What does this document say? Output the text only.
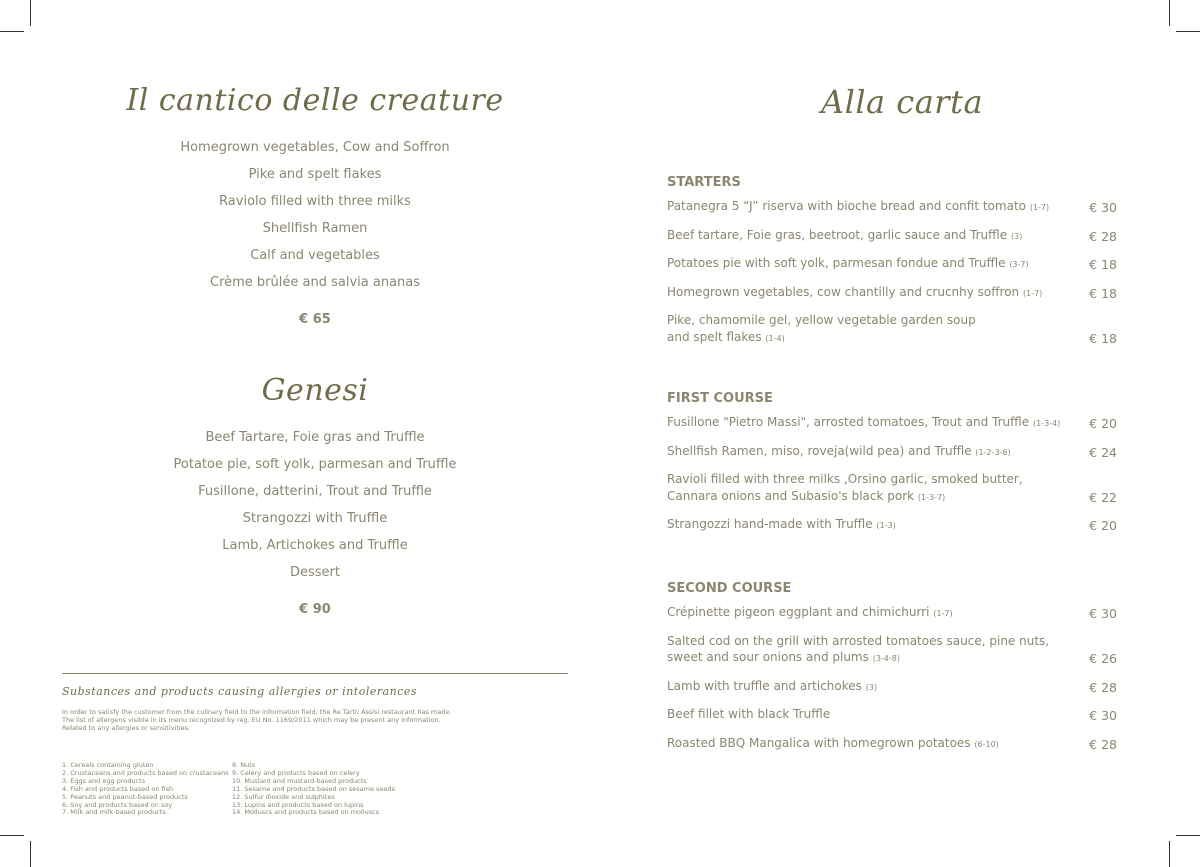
Il cantico delle creature
Homegrown vegetables, Cow and Soffron
Pike and spelt flakes
Raviolo filled with three milks
Shellfish Ramen
Calf and vegetables
Crème brûlée and salvia ananas
€ 65
Genesi
Beef Tartare, Foie gras and Truffle
Potatoe pie, soft yolk, parmesan and Truffle
Fusillone, datterini, Trout and Truffle
Strangozzi with Truffle
Lamb, Artichokes and Truffle
Dessert
€ 90
Substances and products causing allergies or intolerances
In order to satisfy the customer from the culinary field to the information field, the Re Tartù Assisi restaurant has made.
The list of allergens visible in its menu recognized by reg. EU No. 1169/2011 which may be present any information.
Related to any allergies or sensitivities.
1. Cereals containing gluten
2. Crustaceans and products based on crustaceans
3. Eggs and egg products
4. Fish and products based on fish
5. Peanuts and peanut-based products
6. Soy and products based on soy
7. Milk and milk-based products
8. Nuts
9. Celery and products based on celery
10. Mustard and mustard-based products
11. Sesame and products based on sesame seeds
12. Sulfur dioxide and sulphites
13. Lupins and products based on lupins
14. Molluscs and products based on molluscs
Alla carta
STARTERS
Patanegra 5 “J” riserva with bioche bread and confit tomato (1-7)	€ 30
Beef tartare, Foie gras, beetroot, garlic sauce and Truffle (3)	€ 28
Potatoes pie with soft yolk, parmesan fondue and Truffle (3-7)	€ 18
Homegrown vegetables, cow chantilly and crucnhy soffron (1-7)	€ 18
Pike, chamomile gel, yellow vegetable garden soup
and spelt flakes (1-4)	€ 18
FIRST COURSE
Fusillone "Pietro Massi", arrosted tomatoes, Trout and Truffle (1-3-4)	€ 20
Shellfish Ramen, miso, roveja(wild pea) and Truffle (1-2-3-6)	€ 24
Ravioli filled with three milks ,Orsino garlic, smoked butter,
Cannara onions and Subasio's black pork (1-3-7)	€ 22
Strangozzi hand-made with Truffle (1-3)	€ 20
SECOND COURSE
Crépinette pigeon eggplant and chimichurri (1-7)	€ 30
Salted cod on the grill with arrosted tomatoes sauce, pine nuts,
sweet and sour onions and plums (3-4-8)	€ 26
Lamb with truffle and artichokes (3)	€ 28
Beef fillet with black Truffle	€ 30
Roasted BBQ Mangalica with homegrown potatoes (6-10)	€ 28
